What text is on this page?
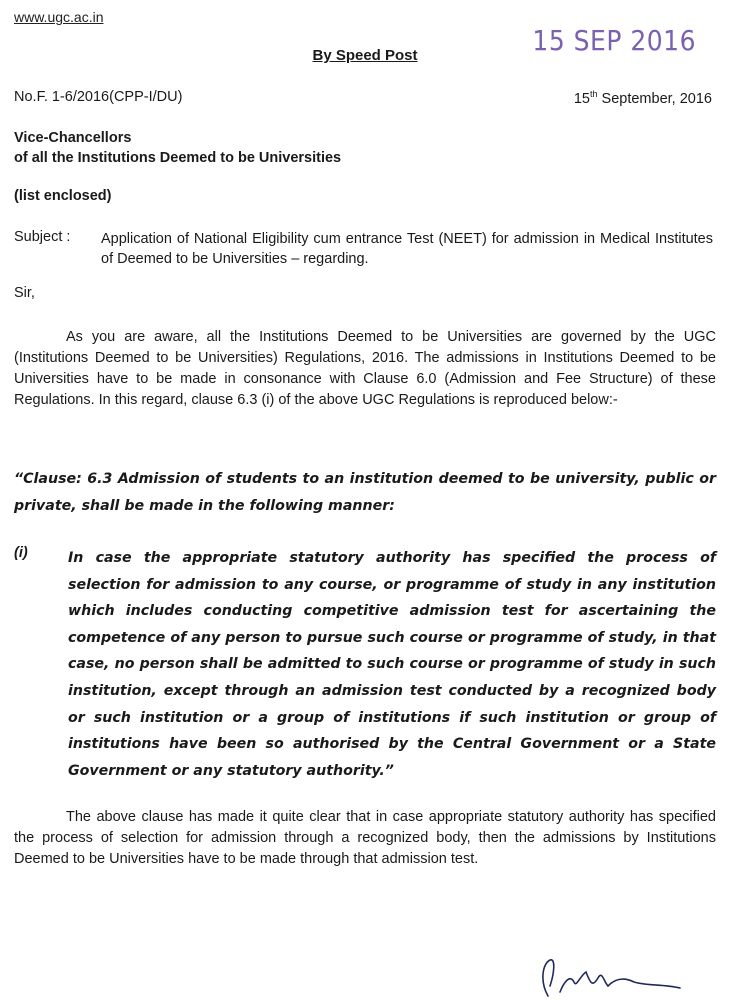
www.ugc.ac.in
15 SEP 2016
By Speed Post
No.F. 1-6/2016(CPP-I/DU)	15th September, 2016
Vice-Chancellors
of all the Institutions Deemed to be Universities
(list enclosed)
Subject : Application of National Eligibility cum entrance Test (NEET) for admission in Medical Institutes of Deemed to be Universities – regarding.
Sir,
As you are aware, all the Institutions Deemed to be Universities are governed by the UGC (Institutions Deemed to be Universities) Regulations, 2016. The admissions in Institutions Deemed to be Universities have to be made in consonance with Clause 6.0 (Admission and Fee Structure) of these Regulations. In this regard, clause 6.3 (i) of the above UGC Regulations is reproduced below:-
“Clause: 6.3 Admission of students to an institution deemed to be university, public or private, shall be made in the following manner:
(i)	In case the appropriate statutory authority has specified the process of selection for admission to any course, or programme of study in any institution which includes conducting competitive admission test for ascertaining the competence of any person to pursue such course or programme of study, in that case, no person shall be admitted to such course or programme of study in such institution, except through an admission test conducted by a recognized body or such institution or a group of institutions if such institution or group of institutions have been so authorised by the Central Government or a State Government or any statutory authority.”
The above clause has made it quite clear that in case appropriate statutory authority has specified the process of selection for admission through a recognized body, then the admissions by Institutions Deemed to be Universities have to be made through that admission test.
